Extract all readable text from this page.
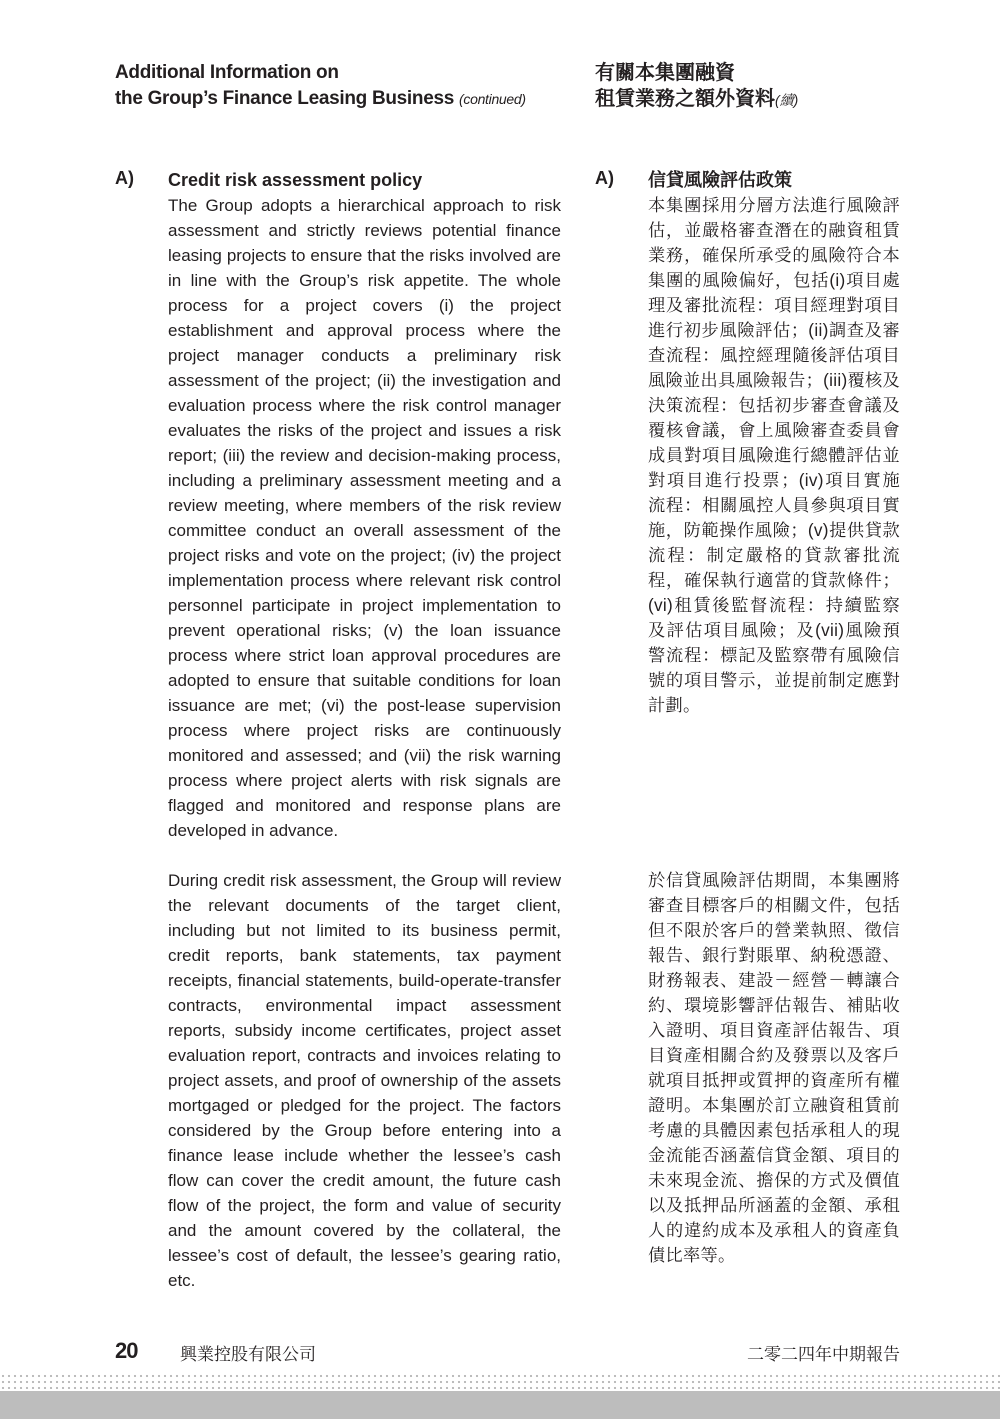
Additional Information on
the Group’s Finance Leasing Business (continued)
有關本集團融資
租賃業務之額外資料(續)
A)	A)
Credit risk assessment policy

The Group adopts a hierarchical approach to risk assessment and strictly reviews potential finance leasing projects to ensure that the risks involved are in line with the Group’s risk appetite. The whole process for a project covers (i) the project establishment and approval process where the project manager conducts a preliminary risk assessment of the project; (ii) the investigation and evaluation process where the risk control manager evaluates the risks of the project and issues a risk report; (iii) the review and decision-making process, including a preliminary assessment meeting and a review meeting, where members of the risk review committee conduct an overall assessment of the project risks and vote on the project; (iv) the project implementation process where relevant risk control personnel participate in project implementation to prevent operational risks; (v) the loan issuance process where strict loan approval procedures are adopted to ensure that suitable conditions for loan issuance are met; (vi) the post-lease supervision process where project risks are continuously monitored and assessed; and (vii) the risk warning process where project alerts with risk signals are flagged and monitored and response plans are developed in advance.

During credit risk assessment, the Group will review the relevant documents of the target client, including but not limited to its business permit, credit reports, bank statements, tax payment receipts, financial statements, build-operate-transfer contracts, environmental impact assessment reports, subsidy income certificates, project asset evaluation report, contracts and invoices relating to project assets, and proof of ownership of the assets mortgaged or pledged for the project. The factors considered by the Group before entering into a finance lease include whether the lessee’s cash flow can cover the credit amount, the future cash flow of the project, the form and value of security and the amount covered by the collateral, the lessee’s cost of default, the lessee’s gearing ratio, etc.

信貸風險評估政策

本集團採用分層方法進行風險評估，並嚴格審查潛在的融資租賃業務，確保所承受的風險符合本集團的風險偏好，包括(i)項目處理及審批流程：項目經理對項目進行初步風險評估；(ii)調查及審查流程：風控經理隨後評估項目風險並出具風險報告；(iii)覆核及決策流程：包括初步審查會議及覆核會議，會上風險審查委員會成員對項目風險進行總體評估並對項目進行投票；(iv)項目實施流程：相關風控人員參與項目實施，防範操作風險；(v)提供貸款流程：制定嚴格的貸款審批流程，確保執行適當的貸款條件；(vi)租賃後監督流程：持續監察及評估項目風險；及(vii)風險預警流程：標記及監察帶有風險信號的項目警示，並提前制定應對計劃。

於信貸風險評估期間，本集團將審查目標客戶的相關文件，包括但不限於客戶的營業執照、徵信報告、銀行對賬單、納稅憑證、財務報表、建設－經營－轉讓合約、環境影響評估報告、補貼收入證明、項目資產評估報告、項目資產相關合約及發票以及客戶就項目抵押或質押的資產所有權證明。本集團於訂立融資租賃前考慮的具體因素包括承租人的現金流能否涵蓋信貸金額、項目的未來現金流、擔保的方式及價值以及抵押品所涵蓋的金額、承租人的違約成本及承租人的資產負債比率等。

20	興業控股有限公司	二零二四年中期報告
